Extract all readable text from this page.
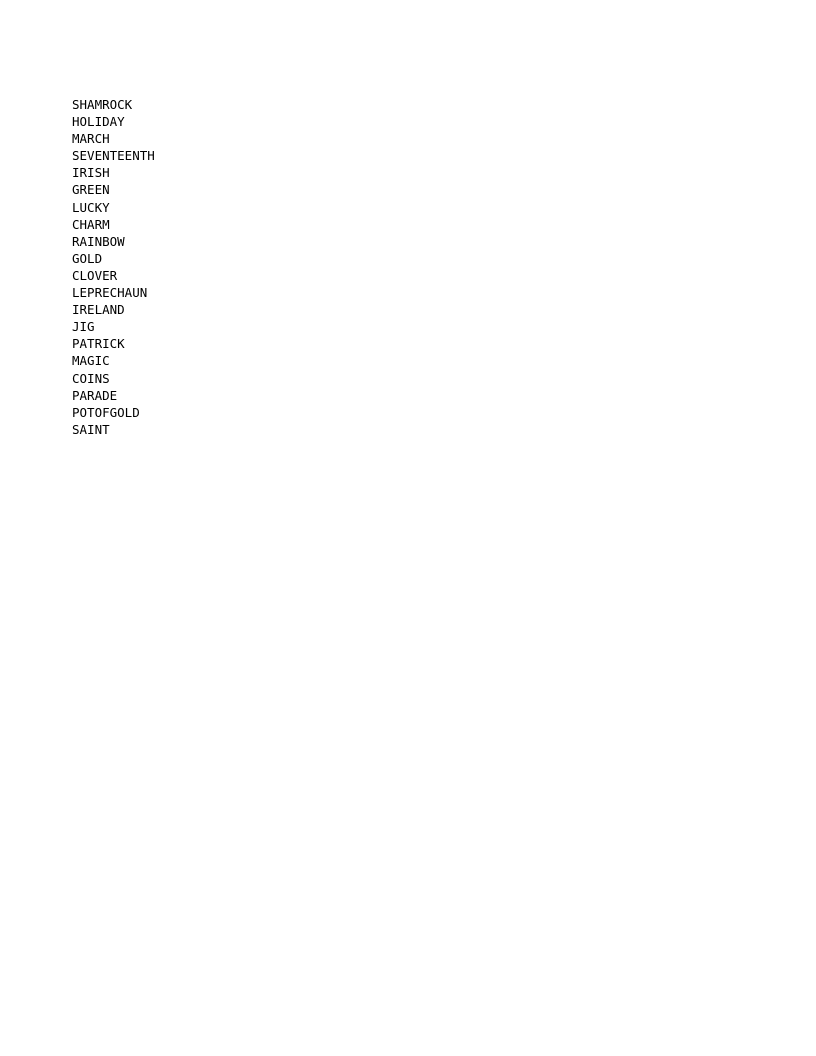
SHAMROCK
HOLIDAY
MARCH
SEVENTEENTH
IRISH
GREEN
LUCKY
CHARM
RAINBOW
GOLD
CLOVER
LEPRECHAUN
IRELAND
JIG
PATRICK
MAGIC
COINS
PARADE
POTOFGOLD
SAINT
